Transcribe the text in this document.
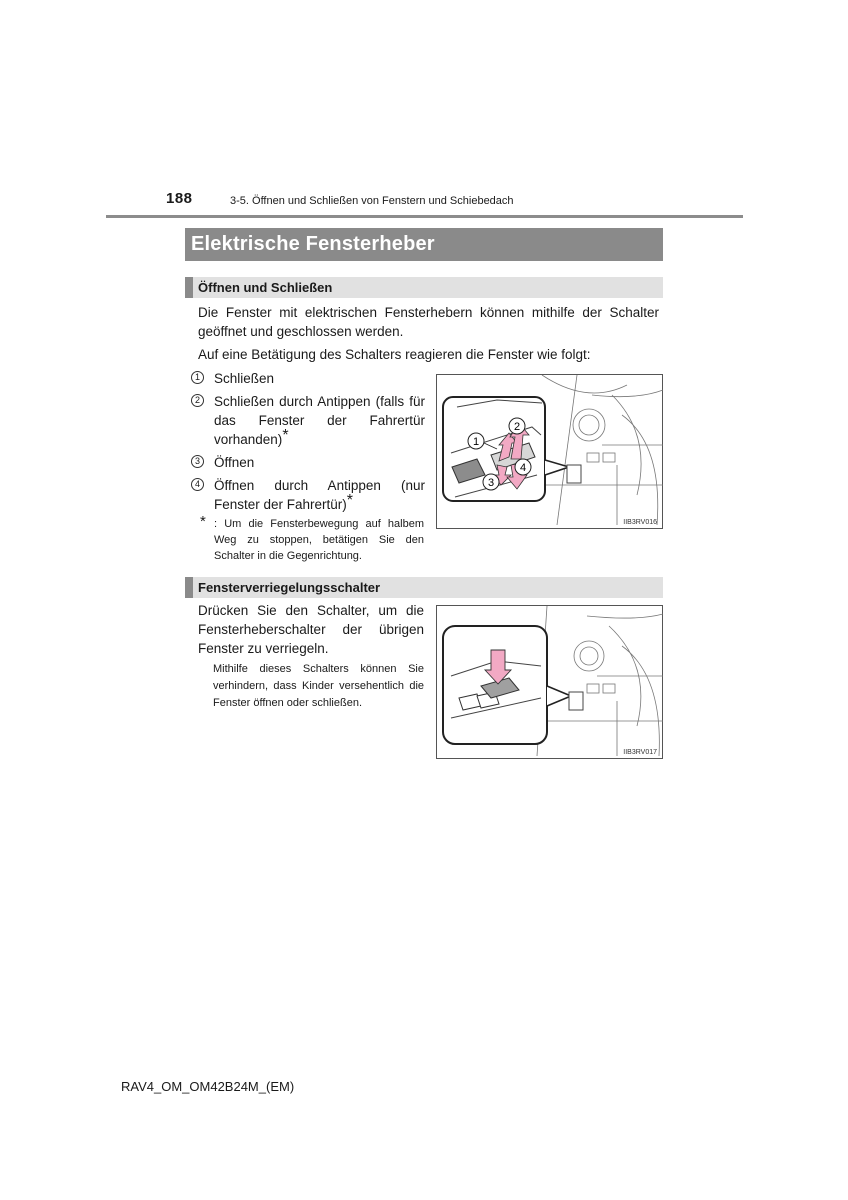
188	3-5. Öffnen und Schließen von Fenstern und Schiebedach
Elektrische Fensterheber
Öffnen und Schließen
Die Fenster mit elektrischen Fensterhebern können mithilfe der Schalter geöffnet und geschlossen werden.
Auf eine Betätigung des Schalters reagieren die Fenster wie folgt:
1 Schließen
2 Schließen durch Antippen (falls für das Fenster der Fahrertür vorhanden)*
3 Öffnen
4 Öffnen durch Antippen (nur Fenster der Fahrertür)*
* : Um die Fensterbewegung auf halbem Weg zu stoppen, betätigen Sie den Schalter in die Gegenrichtung.
1
2
3
4
IIB3RV016
Fensterverriegelungsschalter
Drücken Sie den Schalter, um die Fensterheberschalter der übrigen Fenster zu verriegeln.
Mithilfe dieses Schalters können Sie verhindern, dass Kinder versehentlich die Fenster öffnen oder schließen.
IIB3RV017
RAV4_OM_OM42B24M_(EM)
